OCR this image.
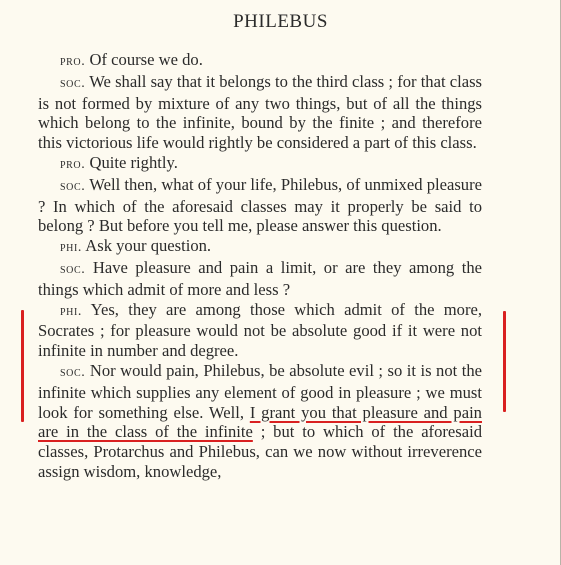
PHILEBUS

pro. Of course we do.

soc. We shall say that it belongs to the third class ; for that class is not formed by mixture of any two things, but of all the things which belong to the infinite, bound by the finite ; and therefore this victorious life would rightly be considered a part of this class.

pro. Quite rightly.

soc. Well then, what of your life, Philebus, of unmixed pleasure ? In which of the aforesaid classes may it properly be said to belong ? But before you tell me, please answer this question.

phi. Ask your question.

soc. Have pleasure and pain a limit, or are they among the things which admit of more and less ?

phi. Yes, they are among those which admit of the more, Socrates ; for pleasure would not be absolute good if it were not infinite in number and degree.

soc. Nor would pain, Philebus, be absolute evil ; so it is not the infinite which supplies any element of good in pleasure ; we must look for something else. Well, I grant you that pleasure and pain are in the class of the infinite ; but to which of the aforesaid classes, Protarchus and Philebus, can we now without irreverence assign wisdom, knowledge,
